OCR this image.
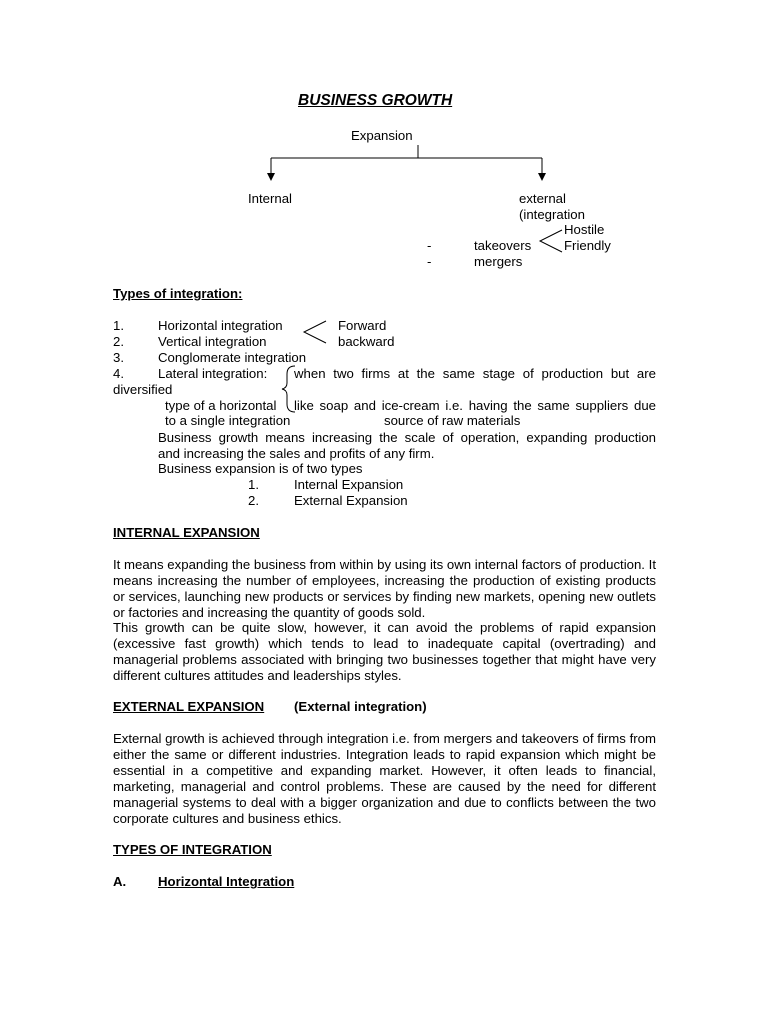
BUSINESS GROWTH
Expansion
Internal	external
(integration
Hostile
-	takeovers Friendly
-	mergers
Types of integration:
1.	Horizontal integration	Forward
2.	Vertical integration	backward
3.	Conglomerate integration
4.	Lateral integration: when two firms at the same stage of production but are
diversified
type of a horizontal like soap and ice-cream i.e. having the same suppliers due
to a single integration	source of raw materials
Business growth means increasing the scale of operation, expanding production
and increasing the sales and profits of any firm.
Business expansion is of two types
1.	Internal Expansion
2.	External Expansion
INTERNAL EXPANSION
It means expanding the business from within by using its own internal factors of production. It means increasing the number of employees, increasing the production of existing products or services, launching new products or services by finding new markets, opening new outlets or factories and increasing the quantity of goods sold.
This growth can be quite slow, however, it can avoid the problems of rapid expansion (excessive fast growth) which tends to lead to inadequate capital (overtrading) and managerial problems associated with bringing two businesses together that might have very different cultures attitudes and leaderships styles.
EXTERNAL EXPANSION (External integration)
External growth is achieved through integration i.e. from mergers and takeovers of firms from either the same or different industries. Integration leads to rapid expansion which might be essential in a competitive and expanding market. However, it often leads to financial, marketing, managerial and control problems. These are caused by the need for different managerial systems to deal with a bigger organization and due to conflicts between the two corporate cultures and business ethics.
TYPES OF INTEGRATION
A. Horizontal Integration
